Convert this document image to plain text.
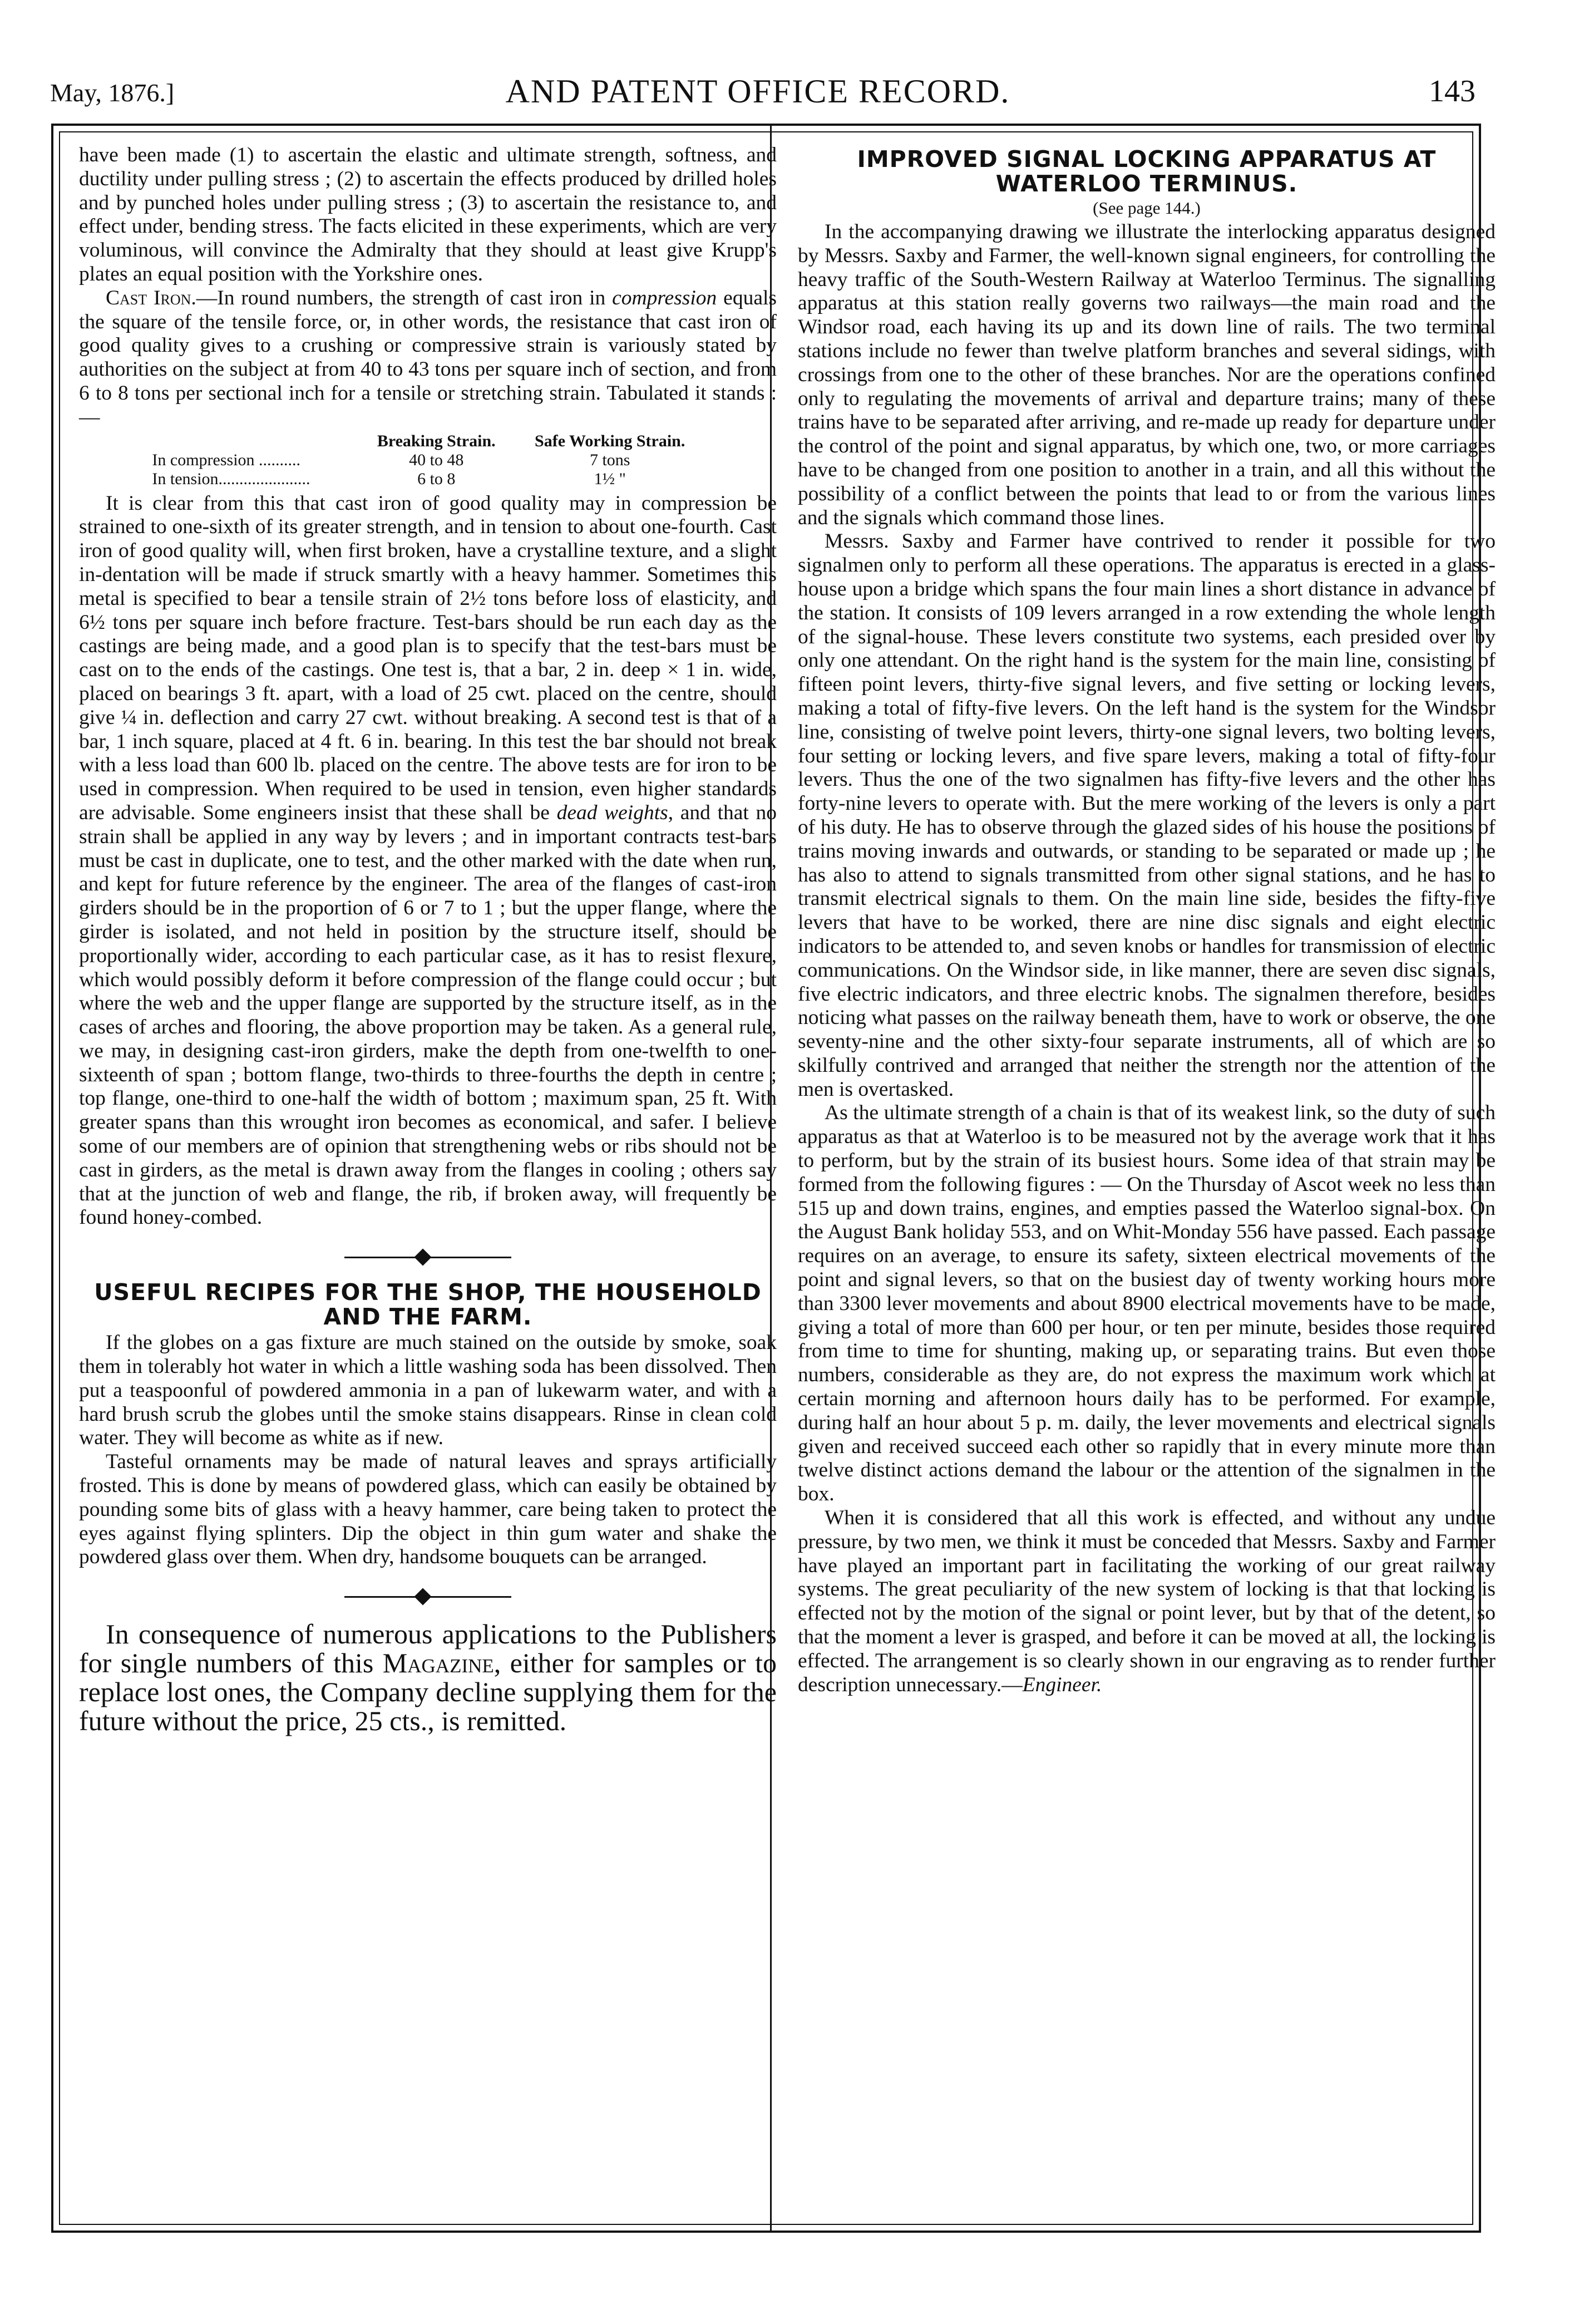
May, 1876.]	AND PATENT OFFICE RECORD.	143

have been made (1) to ascertain the elastic and ultimate strength, softness, and ductility under pulling stress ; (2) to ascertain the effects produced by drilled holes and by punched holes under pulling stress ; (3) to ascertain the resistance to, and effect under, bending stress. The facts elicited in these experiments, which are very voluminous, will convince the Admiralty that they should at least give Krupp's plates an equal position with the Yorkshire ones.

Cast Iron.—In round numbers, the strength of cast iron in compression equals the square of the tensile force, or, in other words, the resistance that cast iron of good quality gives to a crushing or compressive strain is variously stated by authorities on the subject at from 40 to 43 tons per square inch of section, and from 6 to 8 tons per sectional inch for a tensile or stretching strain. Tabulated it stands :—

	Breaking Strain.	Safe Working Strain.
In compression ..........	40 to 48	7 tons
In tension......................	6 to 8	1½ "

It is clear from this that cast iron of good quality may in compression be strained to one-sixth of its greater strength, and in tension to about one-fourth. Cast iron of good quality will, when first broken, have a crystalline texture, and a slight in-dentation will be made if struck smartly with a heavy hammer. Sometimes this metal is specified to bear a tensile strain of 2½ tons before loss of elasticity, and 6½ tons per square inch before fracture. Test-bars should be run each day as the castings are being made, and a good plan is to specify that the test-bars must be cast on to the ends of the castings. One test is, that a bar, 2 in. deep × 1 in. wide, placed on bearings 3 ft. apart, with a load of 25 cwt. placed on the centre, should give ¼ in. deflection and carry 27 cwt. without breaking. A second test is that of a bar, 1 inch square, placed at 4 ft. 6 in. bearing. In this test the bar should not break with a less load than 600 lb. placed on the centre. The above tests are for iron to be used in compression. When required to be used in tension, even higher standards are advisable. Some engineers insist that these shall be dead weights, and that no strain shall be applied in any way by levers ; and in important contracts test-bars must be cast in duplicate, one to test, and the other marked with the date when run, and kept for future reference by the engineer. The area of the flanges of cast-iron girders should be in the proportion of 6 or 7 to 1 ; but the upper flange, where the girder is isolated, and not held in position by the structure itself, should be proportionally wider, according to each particular case, as it has to resist flexure, which would possibly deform it before compression of the flange could occur ; but where the web and the upper flange are supported by the structure itself, as in the cases of arches and flooring, the above proportion may be taken. As a general rule, we may, in designing cast-iron girders, make the depth from one-twelfth to one-sixteenth of span ; bottom flange, two-thirds to three-fourths the depth in centre ; top flange, one-third to one-half the width of bottom ; maximum span, 25 ft. With greater spans than this wrought iron becomes as economical, and safer. I believe some of our members are of opinion that strengthening webs or ribs should not be cast in girders, as the metal is drawn away from the flanges in cooling ; others say that at the junction of web and flange, the rib, if broken away, will frequently be found honey-combed.

USEFUL RECIPES FOR THE SHOP, THE HOUSEHOLD AND THE FARM.

If the globes on a gas fixture are much stained on the outside by smoke, soak them in tolerably hot water in which a little washing soda has been dissolved. Then put a teaspoonful of powdered ammonia in a pan of lukewarm water, and with a hard brush scrub the globes until the smoke stains disappears. Rinse in clean cold water. They will become as white as if new.

Tasteful ornaments may be made of natural leaves and sprays artificially frosted. This is done by means of powdered glass, which can easily be obtained by pounding some bits of glass with a heavy hammer, care being taken to protect the eyes against flying splinters. Dip the object in thin gum water and shake the powdered glass over them. When dry, handsome bouquets can be arranged.

In consequence of numerous applications to the Publishers for single numbers of this Magazine, either for samples or to replace lost ones, the Company decline supplying them for the future without the price, 25 cts., is remitted.

IMPROVED SIGNAL LOCKING APPARATUS AT WATERLOO TERMINUS.
(See page 144.)

In the accompanying drawing we illustrate the interlocking apparatus designed by Messrs. Saxby and Farmer, the well-known signal engineers, for controlling the heavy traffic of the South-Western Railway at Waterloo Terminus. The signalling apparatus at this station really governs two railways—the main road and the Windsor road, each having its up and its down line of rails. The two terminal stations include no fewer than twelve platform branches and several sidings, with crossings from one to the other of these branches. Nor are the operations confined only to regulating the movements of arrival and departure trains; many of these trains have to be separated after arriving, and re-made up ready for departure under the control of the point and signal apparatus, by which one, two, or more carriages have to be changed from one position to another in a train, and all this without the possibility of a conflict between the points that lead to or from the various lines and the signals which command those lines.

Messrs. Saxby and Farmer have contrived to render it possible for two signalmen only to perform all these operations. The apparatus is erected in a glass-house upon a bridge which spans the four main lines a short distance in advance of the station. It consists of 109 levers arranged in a row extending the whole length of the signal-house. These levers constitute two systems, each presided over by only one attendant. On the right hand is the system for the main line, consisting of fifteen point levers, thirty-five signal levers, and five setting or locking levers, making a total of fifty-five levers. On the left hand is the system for the Windsor line, consisting of twelve point levers, thirty-one signal levers, two bolting levers, four setting or locking levers, and five spare levers, making a total of fifty-four levers. Thus the one of the two signalmen has fifty-five levers and the other has forty-nine levers to operate with. But the mere working of the levers is only a part of his duty. He has to observe through the glazed sides of his house the positions of trains moving inwards and outwards, or standing to be separated or made up ; he has also to attend to signals transmitted from other signal stations, and he has to transmit electrical signals to them. On the main line side, besides the fifty-five levers that have to be worked, there are nine disc signals and eight electric indicators to be attended to, and seven knobs or handles for transmission of electric communications. On the Windsor side, in like manner, there are seven disc signals, five electric indicators, and three electric knobs. The signalmen therefore, besides noticing what passes on the railway beneath them, have to work or observe, the one seventy-nine and the other sixty-four separate instruments, all of which are so skilfully contrived and arranged that neither the strength nor the attention of the men is overtasked.

As the ultimate strength of a chain is that of its weakest link, so the duty of such apparatus as that at Waterloo is to be measured not by the average work that it has to perform, but by the strain of its busiest hours. Some idea of that strain may be formed from the following figures : — On the Thursday of Ascot week no less than 515 up and down trains, engines, and empties passed the Waterloo signal-box. On the August Bank holiday 553, and on Whit-Monday 556 have passed. Each passage requires on an average, to ensure its safety, sixteen electrical movements of the point and signal levers, so that on the busiest day of twenty working hours more than 3300 lever movements and about 8900 electrical movements have to be made, giving a total of more than 600 per hour, or ten per minute, besides those required from time to time for shunting, making up, or separating trains. But even those numbers, considerable as they are, do not express the maximum work which at certain morning and afternoon hours daily has to be performed. For example, during half an hour about 5 p. m. daily, the lever movements and electrical signals given and received succeed each other so rapidly that in every minute more than twelve distinct actions demand the labour or the attention of the signalmen in the box.

When it is considered that all this work is effected, and without any undue pressure, by two men, we think it must be conceded that Messrs. Saxby and Farmer have played an important part in facilitating the working of our great railway systems. The great peculiarity of the new system of locking is that that locking is effected not by the motion of the signal or point lever, but by that of the detent, so that the moment a lever is grasped, and before it can be moved at all, the locking is effected. The arrangement is so clearly shown in our engraving as to render further description unnecessary.—Engineer.
